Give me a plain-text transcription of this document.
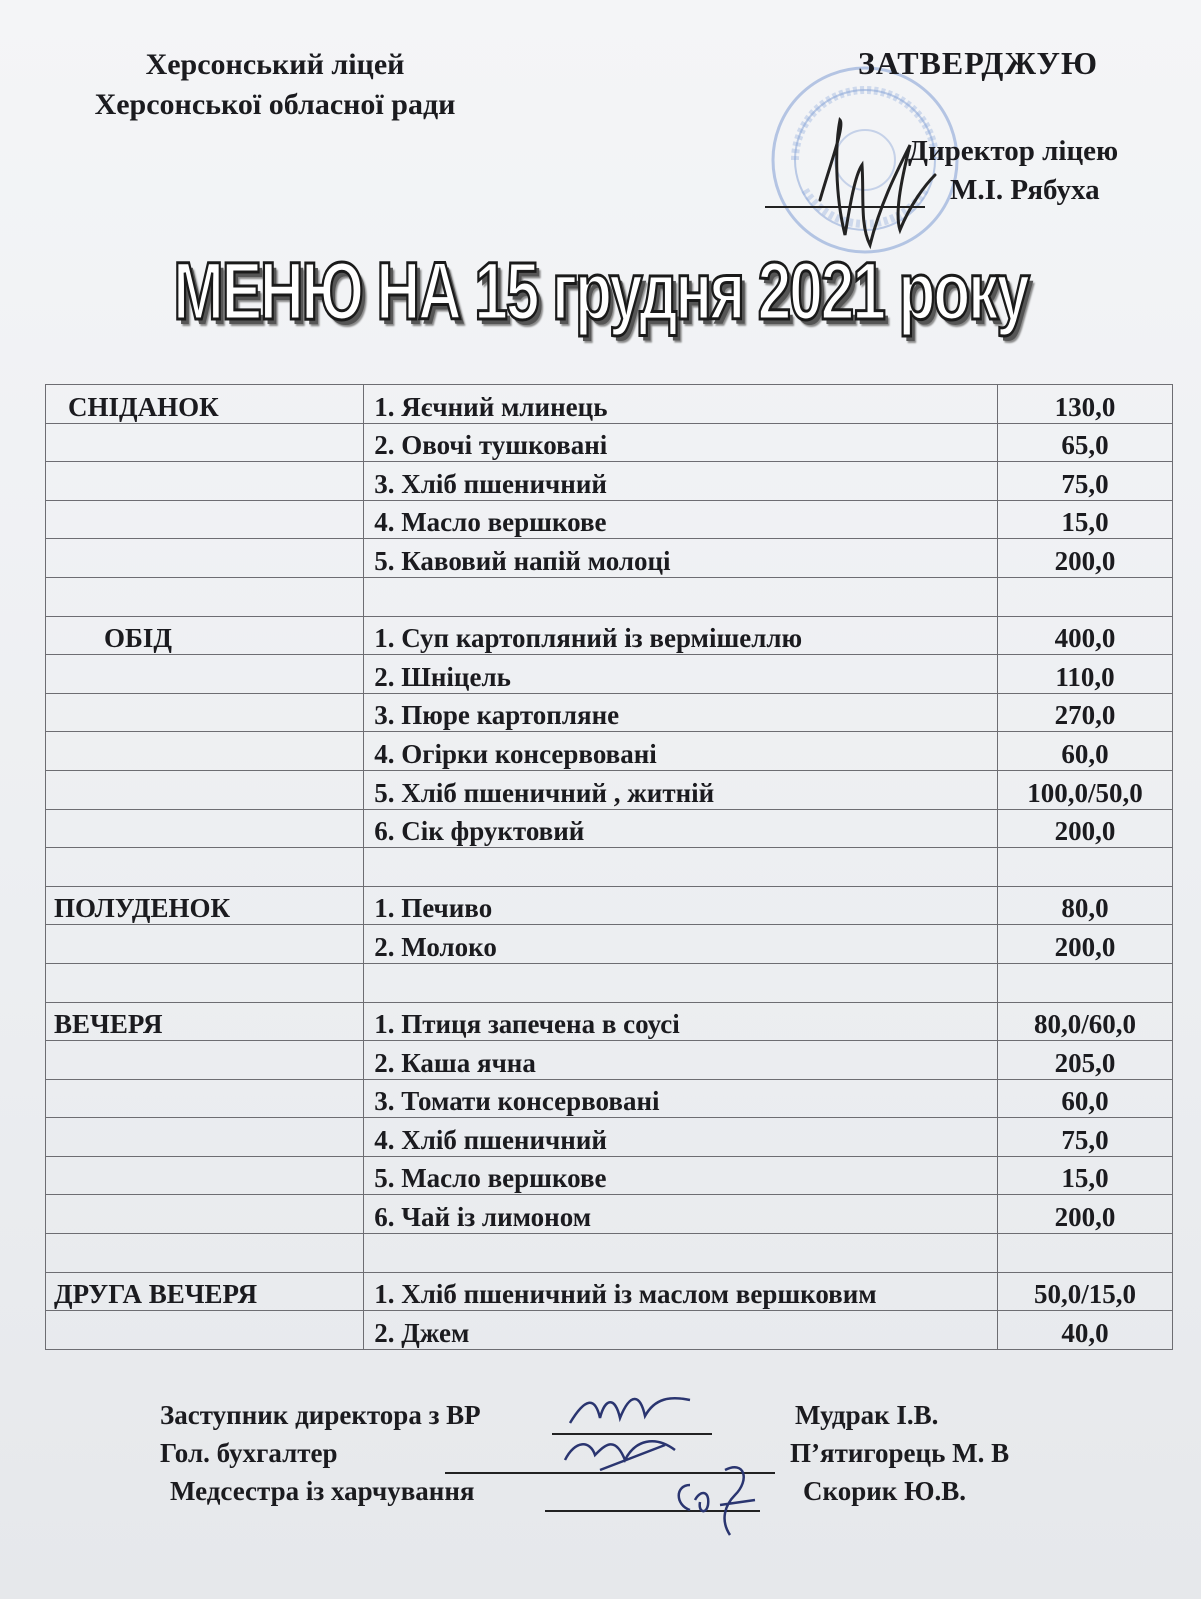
Херсонський ліцей
Херсонської обласної ради
ЗАТВЕРДЖУЮ
Директор ліцею
М.І. Рябуха
МЕНЮ НА 15 грудня 2021 року
СНІДАНОК	1. Яєчний млинець	130,0
	2. Овочі тушковані	65,0
	3. Хліб пшеничний	75,0
	4. Масло вершкове	15,0
	5. Кавовий напій молоці	200,0

ОБІД	1. Суп картопляний із вермішеллю	400,0
	2. Шніцель	110,0
	3. Пюре картопляне	270,0
	4. Огірки консервовані	60,0
	5. Хліб пшеничний , житній	100,0/50,0
	6. Сік фруктовий	200,0

ПОЛУДЕНОК	1. Печиво	80,0
	2. Молоко	200,0

ВЕЧЕРЯ	1. Птиця запечена в соусі	80,0/60,0
	2. Каша ячна	205,0
	3. Томати консервовані	60,0
	4. Хліб пшеничний	75,0
	5. Масло вершкове	15,0
	6. Чай із лимоном	200,0

ДРУГА ВЕЧЕРЯ	1. Хліб пшеничний із маслом вершковим	50,0/15,0
	2. Джем	40,0
Заступник директора з ВР	Мудрак І.В.
Гол. бухгалтер	П’ятигорець М. В
Медсестра із харчування	Скорик Ю.В.
